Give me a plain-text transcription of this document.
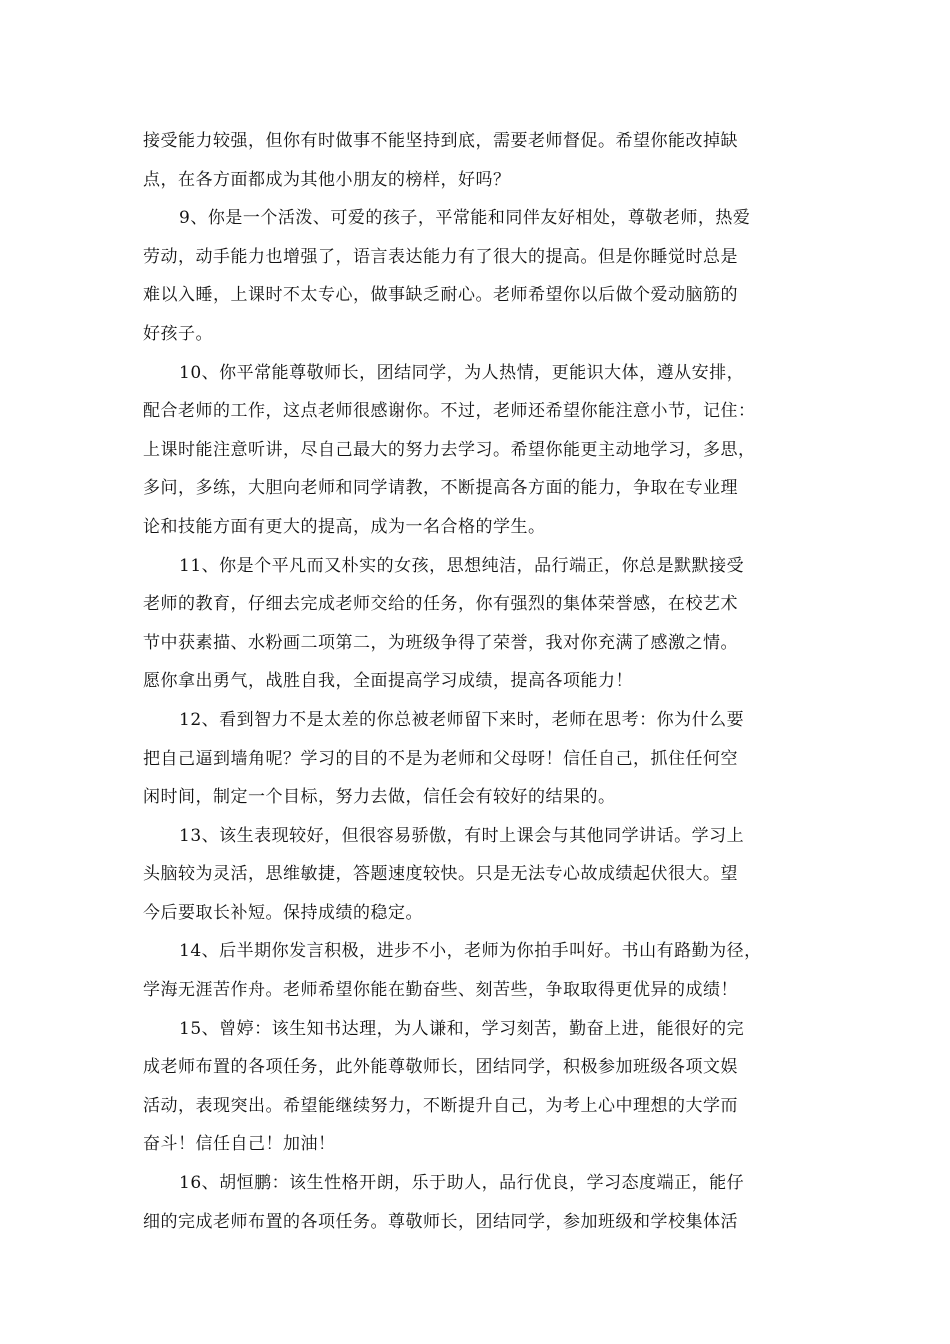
接受能力较强，但你有时做事不能坚持到底，需要老师督促。希望你能改掉缺
点，在各方面都成为其他小朋友的榜样，好吗？
9、你是一个活泼、可爱的孩子，平常能和同伴友好相处，尊敬老师，热爱
劳动，动手能力也增强了，语言表达能力有了很大的提高。但是你睡觉时总是
难以入睡，上课时不太专心，做事缺乏耐心。老师希望你以后做个爱动脑筋的
好孩子。
10、你平常能尊敬师长，团结同学，为人热情，更能识大体，遵从安排，
配合老师的工作，这点老师很感谢你。不过，老师还希望你能注意小节，记住：
上课时能注意听讲，尽自己最大的努力去学习。希望你能更主动地学习，多思，
多问，多练，大胆向老师和同学请教，不断提高各方面的能力，争取在专业理
论和技能方面有更大的提高，成为一名合格的学生。
11、你是个平凡而又朴实的女孩，思想纯洁，品行端正，你总是默默接受
老师的教育，仔细去完成老师交给的任务，你有强烈的集体荣誉感，在校艺术
节中获素描、水粉画二项第二，为班级争得了荣誉，我对你充满了感激之情。
愿你拿出勇气，战胜自我，全面提高学习成绩，提高各项能力！
12、看到智力不是太差的你总被老师留下来时，老师在思考：你为什么要
把自己逼到墙角呢？学习的目的不是为老师和父母呀！信任自己，抓住任何空
闲时间，制定一个目标，努力去做，信任会有较好的结果的。
13、该生表现较好，但很容易骄傲，有时上课会与其他同学讲话。学习上
头脑较为灵活，思维敏捷，答题速度较快。只是无法专心故成绩起伏很大。望
今后要取长补短。保持成绩的稳定。
14、后半期你发言积极，进步不小，老师为你拍手叫好。书山有路勤为径，
学海无涯苦作舟。老师希望你能在勤奋些、刻苦些，争取取得更优异的成绩！
15、曾婷：该生知书达理，为人谦和，学习刻苦，勤奋上进，能很好的完
成老师布置的各项任务，此外能尊敬师长，团结同学，积极参加班级各项文娱
活动，表现突出。希望能继续努力，不断提升自己，为考上心中理想的大学而
奋斗！信任自己！加油！
16、胡恒鹏：该生性格开朗，乐于助人，品行优良，学习态度端正，能仔
细的完成老师布置的各项任务。尊敬师长，团结同学，参加班级和学校集体活
